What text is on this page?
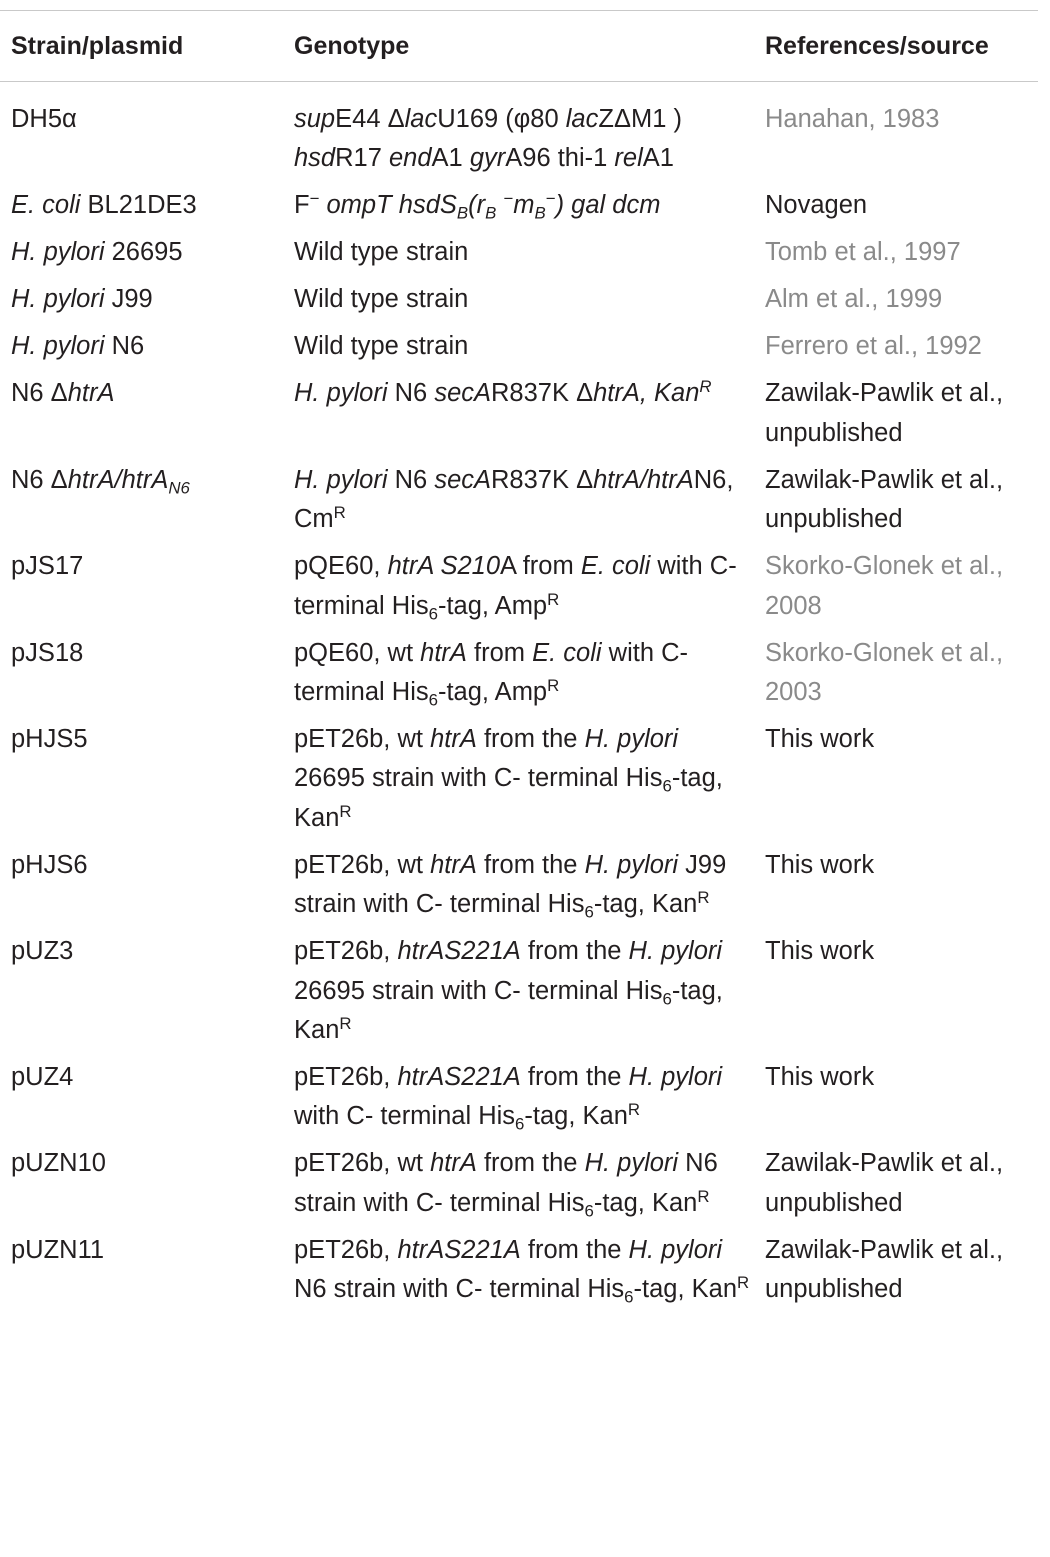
Strain/plasmid	Genotype	References/source
DH5α	supE44 ΔlacU169 (φ80 lacZΔM1 ) hsdR17 endA1 gyrA96 thi-1 relA1	Hanahan, 1983
E. coli BL21DE3	F− ompT $hsdS_B(r_B$ $^-m_B^-$) gal dcm	Novagen
H. pylori 26695	Wild type strain	Tomb et al., 1997
H. pylori J99	Wild type strain	Alm et al., 1999
H. pylori N6	Wild type strain	Ferrero et al., 1992
N6 ΔhtrA	H. pylori N6 secAR837K ΔhtrA, Kan$^R$	Zawilak-Pawlik et al., unpublished
N6 ΔhtrA/htrA$_{N6}$	H. pylori N6 secAR837K ΔhtrA/htrAN6, $Cm^R$	Zawilak-Pawlik et al., unpublished
pJS17	pQE60, htrA S210A from E. coli with C-terminal His$_6$-tag, Amp$^R$	Skorko-Glonek et al., 2008
pJS18	pQE60, wt htrA from E. coli with C- terminal His$_6$-tag, Amp$^R$	Skorko-Glonek et al., 2003
pHJS5	pET26b, wt htrA from the H. pylori 26695 strain with C- terminal His$_6$-tag, Kan$^R$	This work
pHJS6	pET26b, wt htrA from the H. pylori J99 strain with C- terminal His$_6$-tag, Kan$^R$	This work
pUZ3	pET26b, htrAS221A from the H. pylori 26695 strain with C- terminal His$_6$-tag, Kan$^R$	This work
pUZ4	pET26b, htrAS221A from the H. pylori with C- terminal His$_6$-tag, Kan$^R$	This work
pUZN10	pET26b, wt htrA from the H. pylori N6 strain with C- terminal His$_6$-tag, Kan$^R$	Zawilak-Pawlik et al., unpublished
pUZN11	pET26b, htrAS221A from the H. pylori N6 strain with C- terminal His$_6$-tag, Kan$^R$	Zawilak-Pawlik et al., unpublished
